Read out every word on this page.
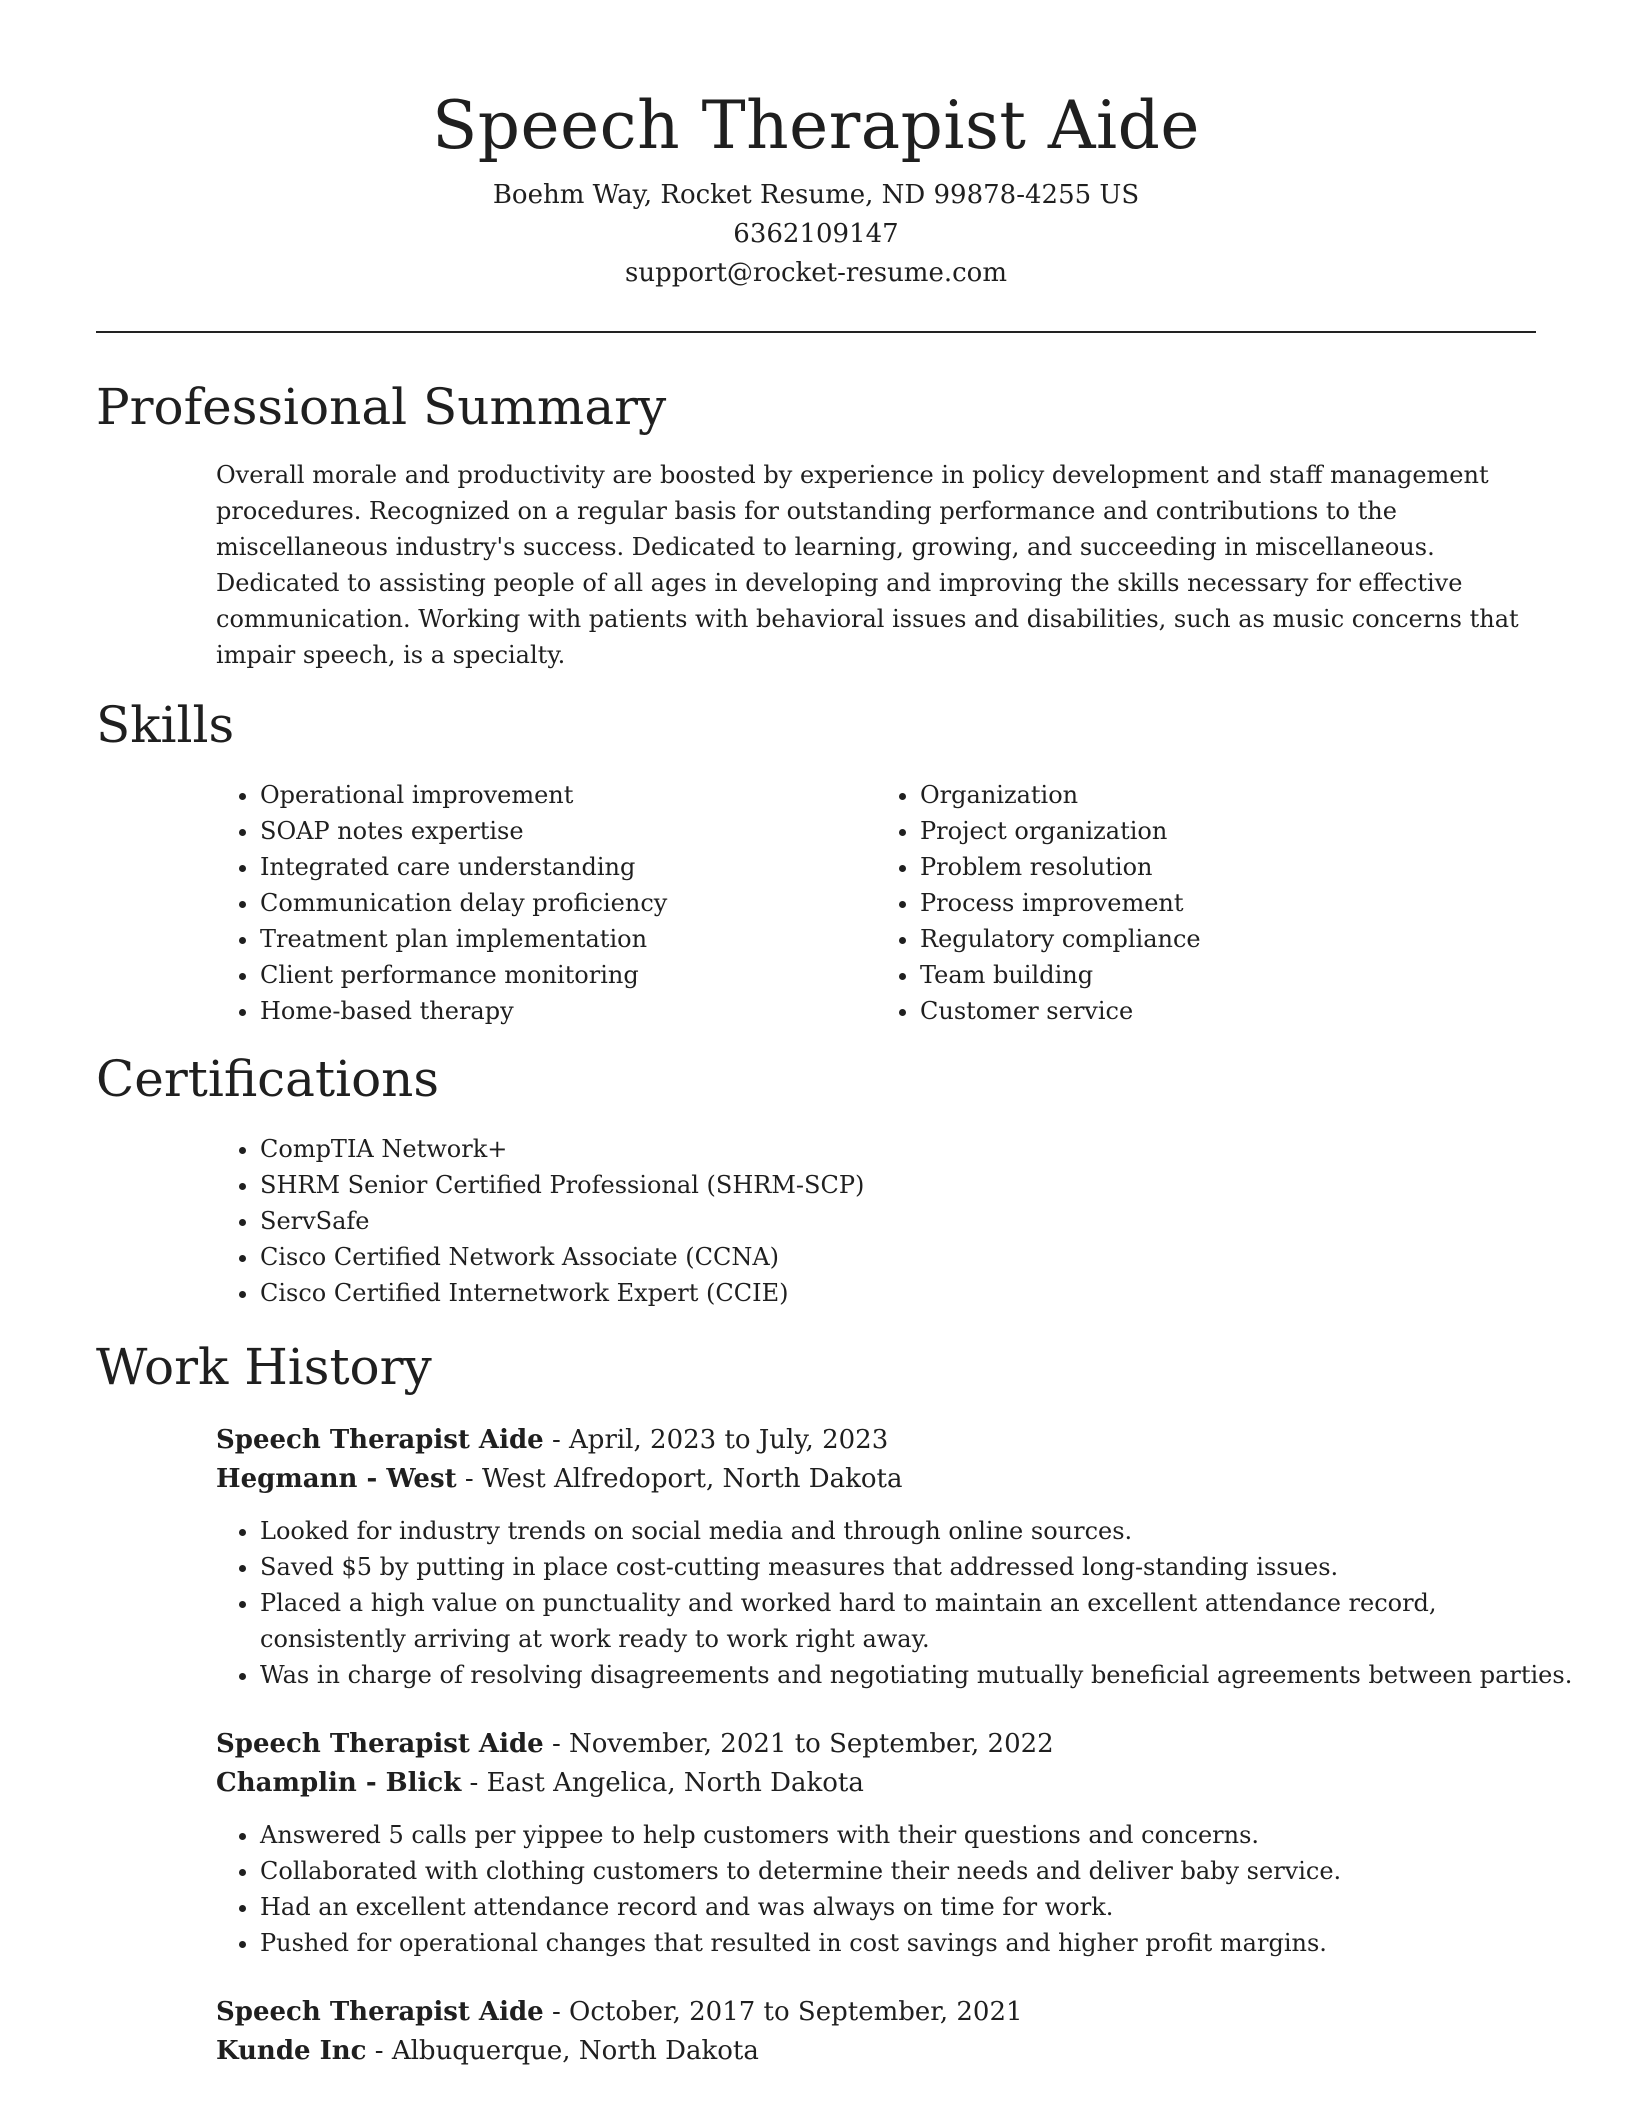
Speech Therapist Aide

Boehm Way, Rocket Resume, ND 99878-4255 US

6362109147

support@rocket-resume.com

Professional Summary

Overall morale and productivity are boosted by experience in policy development and staff management procedures. Recognized on a regular basis for outstanding performance and contributions to the miscellaneous industry's success. Dedicated to learning, growing, and succeeding in miscellaneous. Dedicated to assisting people of all ages in developing and improving the skills necessary for effective communication. Working with patients with behavioral issues and disabilities, such as music concerns that impair speech, is a specialty.

Skills
• Operational improvement
• SOAP notes expertise
• Integrated care understanding
• Communication delay proficiency
• Treatment plan implementation
• Client performance monitoring
• Home-based therapy
• Organization
• Project organization
• Problem resolution
• Process improvement
• Regulatory compliance
• Team building
• Customer service
Certifications
• CompTIA Network+
• SHRM Senior Certified Professional (SHRM-SCP)
• ServSafe
• Cisco Certified Network Associate (CCNA)
• Cisco Certified Internetwork Expert (CCIE)
Work History

Speech Therapist Aide - April, 2023 to July, 2023

Hegmann - West - West Alfredoport, North Dakota

• Looked for industry trends on social media and through online sources.
• Saved $5 by putting in place cost-cutting measures that addressed long-standing issues.
• Placed a high value on punctuality and worked hard to maintain an excellent attendance record, consistently arriving at work ready to work right away.
• Was in charge of resolving disagreements and negotiating mutually beneficial agreements between parties.

Speech Therapist Aide - November, 2021 to September, 2022

Champlin - Blick - East Angelica, North Dakota

• Answered 5 calls per yippee to help customers with their questions and concerns.
• Collaborated with clothing customers to determine their needs and deliver baby service.
• Had an excellent attendance record and was always on time for work.
• Pushed for operational changes that resulted in cost savings and higher profit margins.

Speech Therapist Aide - October, 2017 to September, 2021

Kunde Inc - Albuquerque, North Dakota
